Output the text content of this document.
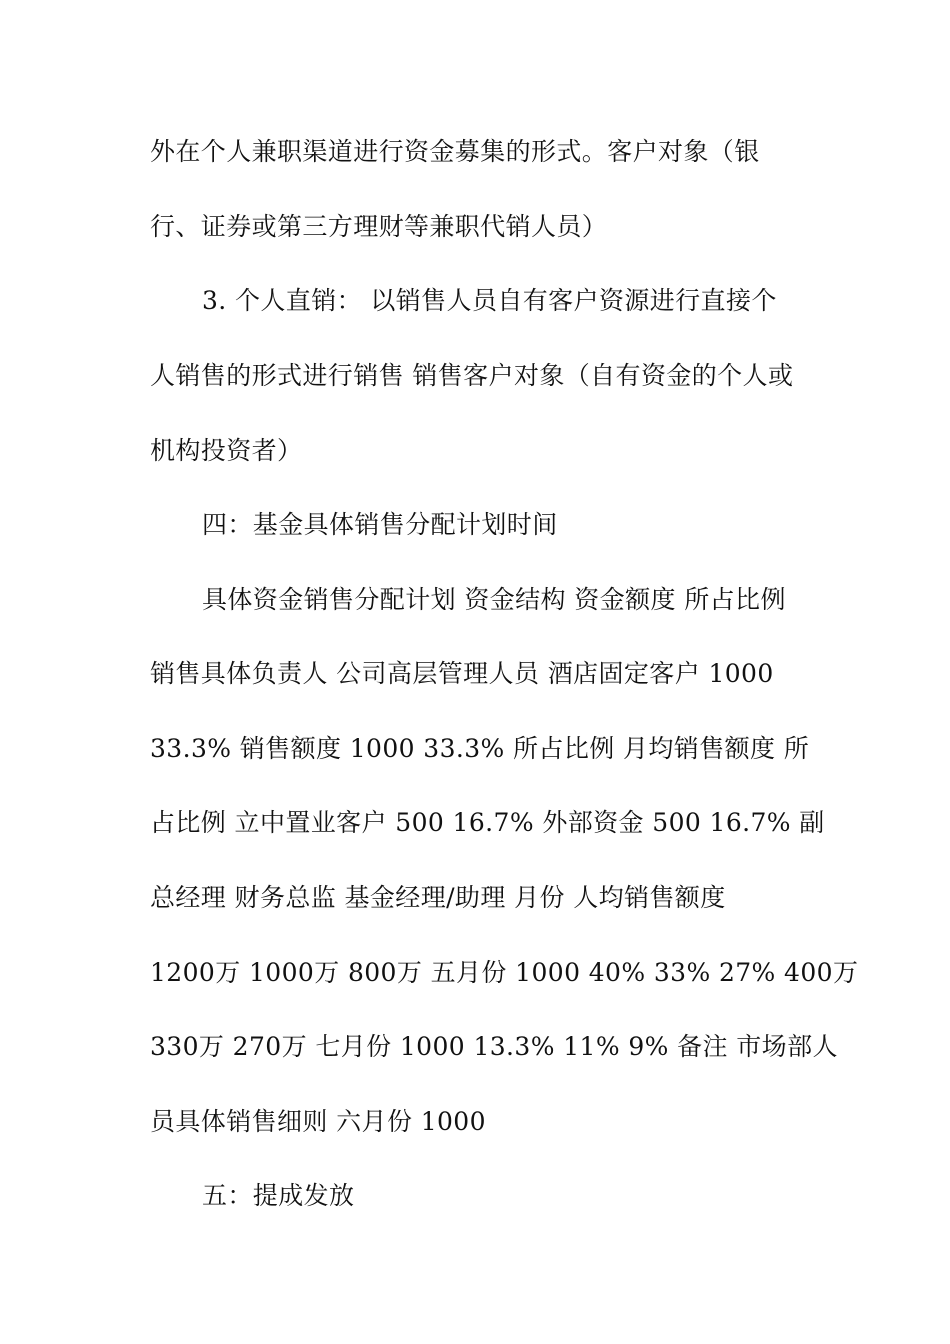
外在个人兼职渠道进行资金募集的形式。客户对象（银
行、证券或第三方理财等兼职代销人员）
3. 个人直销： 以销售人员自有客户资源进行直接个
人销售的形式进行销售 销售客户对象（自有资金的个人或
机构投资者）
四：基金具体销售分配计划时间
具体资金销售分配计划 资金结构 资金额度 所占比例
销售具体负责人 公司高层管理人员 酒店固定客户 1000
33.3% 销售额度 1000 33.3% 所占比例 月均销售额度 所
占比例 立中置业客户 500 16.7% 外部资金 500 16.7% 副
总经理 财务总监 基金经理/助理 月份 人均销售额度
1200万 1000万 800万 五月份 1000 40% 33% 27% 400万
330万 270万 七月份 1000 13.3% 11% 9% 备注 市场部人
员具体销售细则 六月份 1000
五：提成发放
